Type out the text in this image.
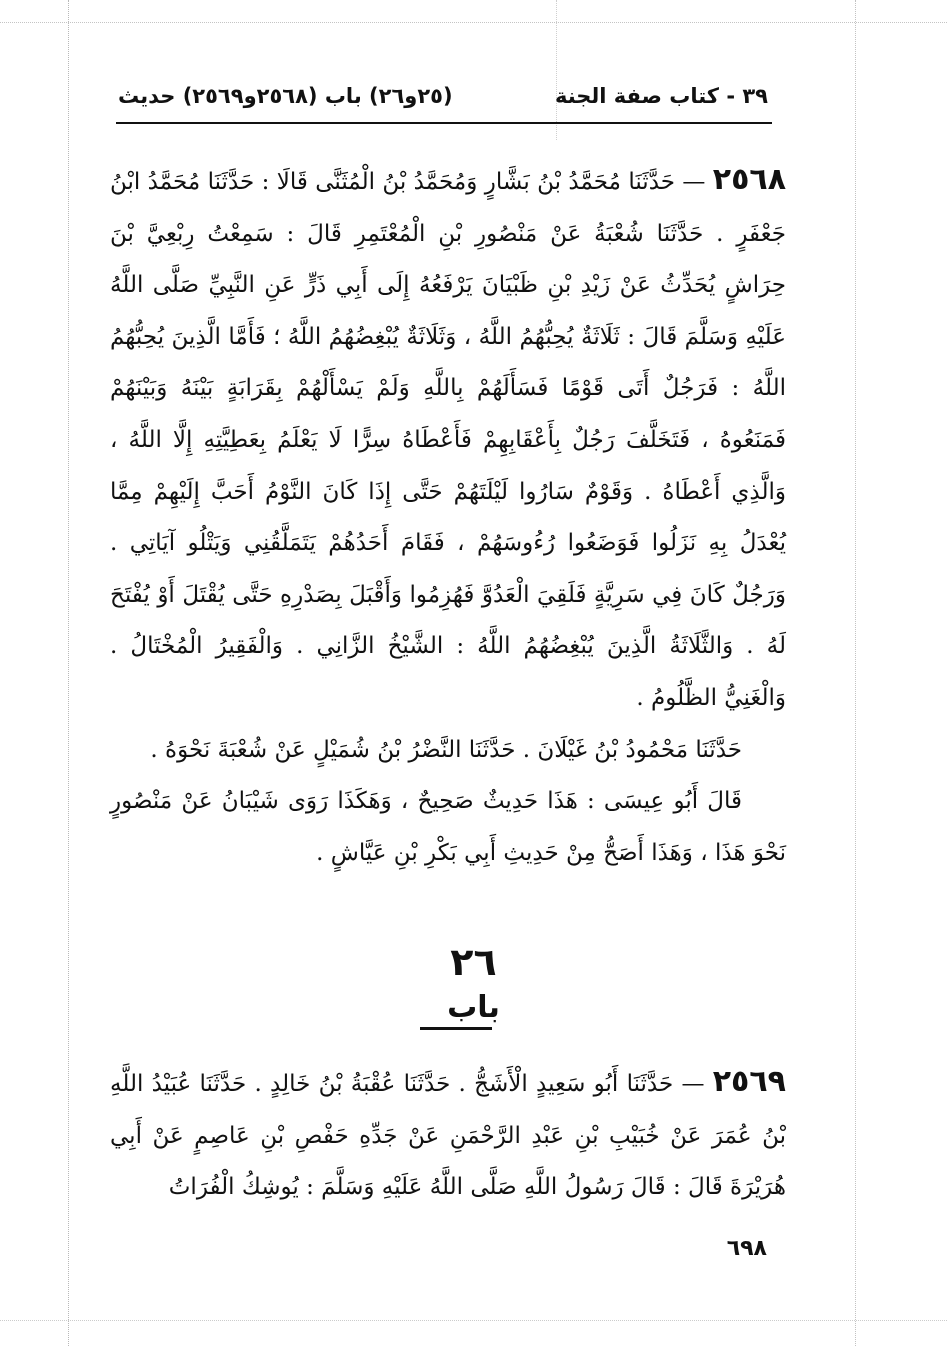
٣٩ - كتاب صفة الجنة
(٢٥و٢٦) باب (٢٥٦٨و٢٥٦٩) حديث

٢٥٦٨ — حَدَّثَنَا مُحَمَّدُ بْنُ بَشَّارٍ وَمُحَمَّدُ بْنُ الْمُثَنَّى قَالَا : حَدَّثَنَا مُحَمَّدُ ابْنُ جَعْفَرٍ . حَدَّثَنَا شُعْبَةُ عَنْ مَنْصُورِ بْنِ الْمُعْتَمِرِ قَالَ : سَمِعْتُ رِبْعِيَّ بْنَ حِرَاشٍ يُحَدِّثُ عَنْ زَيْدِ بْنِ ظَبْيَانَ يَرْفَعُهُ إِلَى أَبِي ذَرٍّ عَنِ النَّبِيِّ صَلَّى اللَّهُ عَلَيْهِ وَسَلَّمَ قَالَ : ثَلَاثَةٌ يُحِبُّهُمُ اللَّهُ ، وَثَلَاثَةٌ يُبْغِضُهُمُ اللَّهُ ؛ فَأَمَّا الَّذِينَ يُحِبُّهُمُ اللَّهُ : فَرَجُلٌ أَتَى قَوْمًا فَسَأَلَهُمْ بِاللَّهِ وَلَمْ يَسْأَلْهُمْ بِقَرَابَةٍ بَيْنَهُ وَبَيْنَهُمْ فَمَنَعُوهُ ، فَتَخَلَّفَ رَجُلٌ بِأَعْقَابِهِمْ فَأَعْطَاهُ سِرًّا لَا يَعْلَمُ بِعَطِيَّتِهِ إِلَّا اللَّهُ ، وَالَّذِي أَعْطَاهُ . وَقَوْمٌ سَارُوا لَيْلَتَهُمْ حَتَّى إِذَا كَانَ النَّوْمُ أَحَبَّ إِلَيْهِمْ مِمَّا يُعْدَلُ بِهِ نَزَلُوا فَوَضَعُوا رُءُوسَهُمْ ، فَقَامَ أَحَدُهُمْ يَتَمَلَّقُنِي وَيَتْلُو آيَاتِي . وَرَجُلٌ كَانَ فِي سَرِيَّةٍ فَلَقِيَ الْعَدُوَّ فَهُزِمُوا وَأَقْبَلَ بِصَدْرِهِ حَتَّى يُقْتَلَ أَوْ يُفْتَحَ لَهُ . وَالثَّلَاثَةُ الَّذِينَ يُبْغِضُهُمُ اللَّهُ : الشَّيْخُ الزَّانِي . وَالْفَقِيرُ الْمُخْتَالُ . وَالْغَنِيُّ الظَّلُومُ .

حَدَّثَنَا مَحْمُودُ بْنُ غَيْلَانَ . حَدَّثَنَا النَّضْرُ بْنُ شُمَيْلٍ عَنْ شُعْبَةَ نَحْوَهُ .

قَالَ أَبُو عِيسَى : هَذَا حَدِيثٌ صَحِيحٌ ، وَهَكَذَا رَوَى شَيْبَانُ عَنْ مَنْصُورٍ نَحْوَ هَذَا ، وَهَذَا أَصَحُّ مِنْ حَدِيثِ أَبِي بَكْرِ بْنِ عَيَّاشٍ .

٢٦
باب

٢٥٦٩ — حَدَّثَنَا أَبُو سَعِيدٍ الْأَشَجُّ . حَدَّثَنَا عُقْبَةُ بْنُ خَالِدٍ . حَدَّثَنَا عُبَيْدُ اللَّهِ بْنُ عُمَرَ عَنْ خُبَيْبِ بْنِ عَبْدِ الرَّحْمَنِ عَنْ جَدِّهِ حَفْصِ بْنِ عَاصِمٍ عَنْ أَبِي هُرَيْرَةَ قَالَ : قَالَ رَسُولُ اللَّهِ صَلَّى اللَّهُ عَلَيْهِ وَسَلَّمَ : يُوشِكُ الْفُرَاتُ

٦٩٨
